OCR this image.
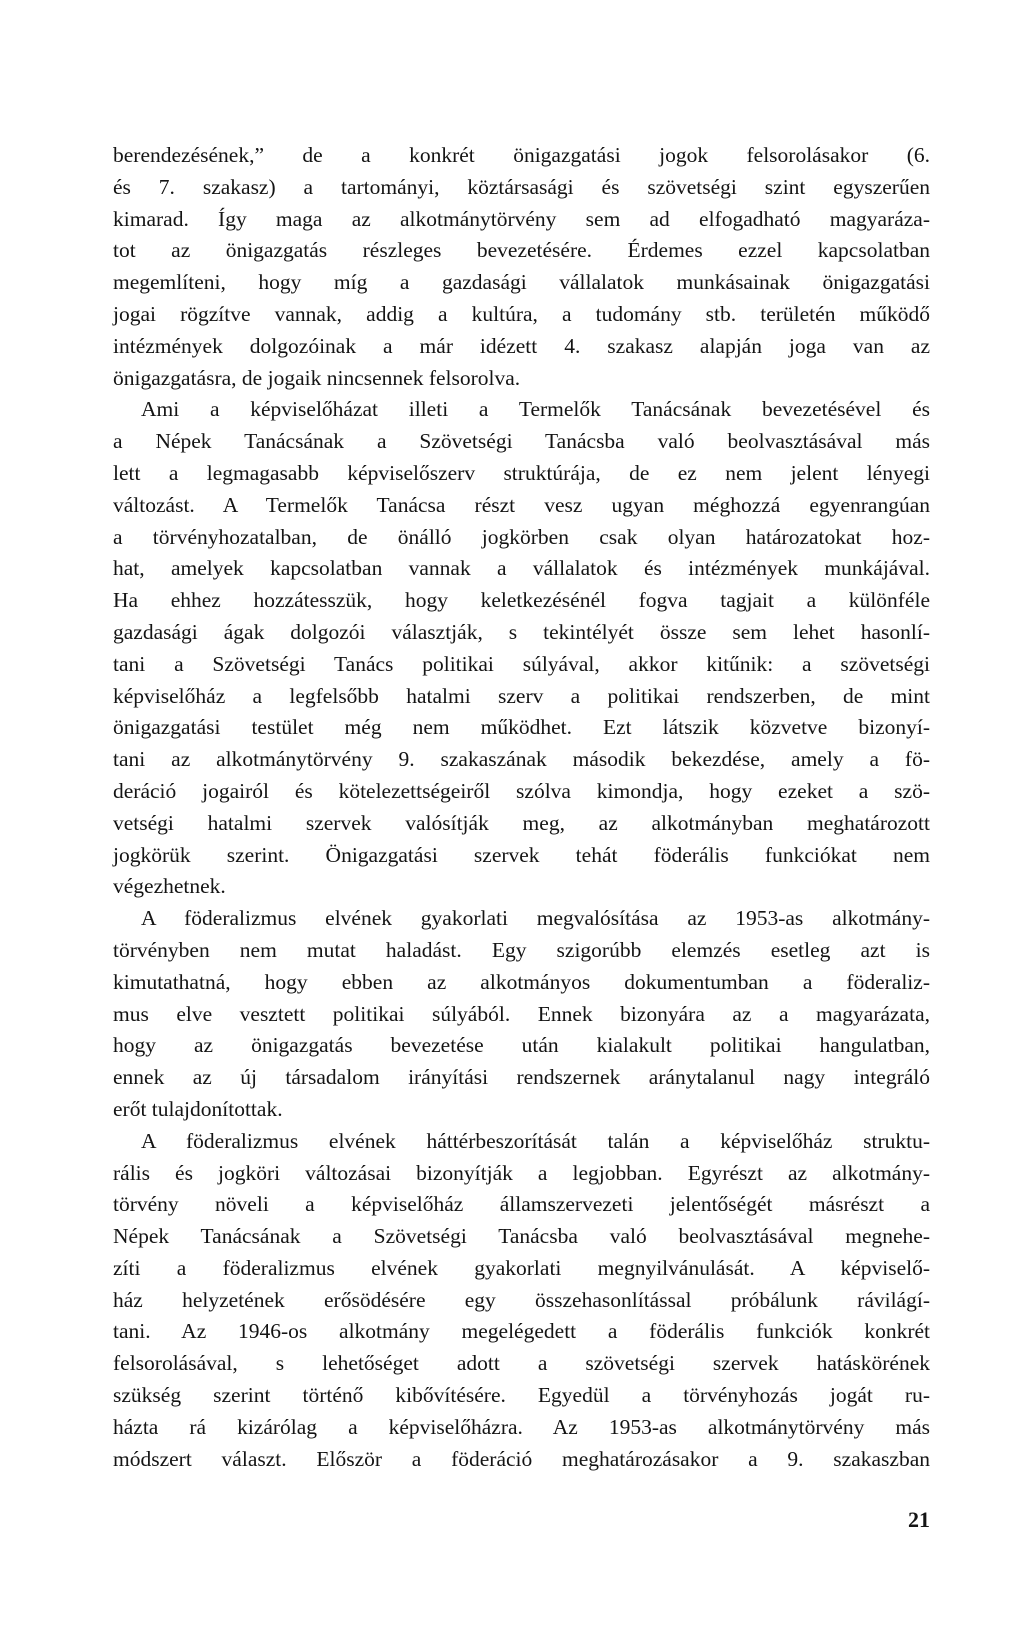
berendezésének,” de a konkrét önigazgatási jogok felsorolásakor (6.
és 7. szakasz) a tartományi, köztársasági és szövetségi szint egyszerűen
kimarad. Így maga az alkotmánytörvény sem ad elfogadható magyaráza-
tot az önigazgatás részleges bevezetésére. Érdemes ezzel kapcsolatban
megemlíteni, hogy míg a gazdasági vállalatok munkásainak önigazgatási
jogai rögzítve vannak, addig a kultúra, a tudomány stb. területén működő
intézmények dolgozóinak a már idézett 4. szakasz alapján joga van az
önigazgatásra, de jogaik nincsennek felsorolva.
Ami a képviselőházat illeti a Termelők Tanácsának bevezetésével és
a Népek Tanácsának a Szövetségi Tanácsba való beolvasztásával más
lett a legmagasabb képviselőszerv struktúrája, de ez nem jelent lényegi
változást. A Termelők Tanácsa részt vesz ugyan méghozzá egyenrangúan
a törvényhozatalban, de önálló jogkörben csak olyan határozatokat hoz-
hat, amelyek kapcsolatban vannak a vállalatok és intézmények munkájával.
Ha ehhez hozzátesszük, hogy keletkezésénél fogva tagjait a különféle
gazdasági ágak dolgozói választják, s tekintélyét össze sem lehet hasonlí-
tani a Szövetségi Tanács politikai súlyával, akkor kitűnik: a szövetségi
képviselőház a legfelsőbb hatalmi szerv a politikai rendszerben, de mint
önigazgatási testület még nem működhet. Ezt látszik közvetve bizonyí-
tani az alkotmánytörvény 9. szakaszának második bekezdése, amely a fö-
deráció jogairól és kötelezettségeiről szólva kimondja, hogy ezeket a szö-
vetségi hatalmi szervek valósítják meg, az alkotmányban meghatározott
jogkörük szerint. Önigazgatási szervek tehát föderális funkciókat nem
végezhetnek.
A föderalizmus elvének gyakorlati megvalósítása az 1953-as alkotmány-
törvényben nem mutat haladást. Egy szigorúbb elemzés esetleg azt is
kimutathatná, hogy ebben az alkotmányos dokumentumban a föderaliz-
mus elve vesztett politikai súlyából. Ennek bizonyára az a magyarázata,
hogy az önigazgatás bevezetése után kialakult politikai hangulatban,
ennek az új társadalom irányítási rendszernek aránytalanul nagy integráló
erőt tulajdonítottak.
A föderalizmus elvének háttérbeszorítását talán a képviselőház struktu-
rális és jogköri változásai bizonyítják a legjobban. Egyrészt az alkotmány-
törvény növeli a képviselőház államszervezeti jelentőségét másrészt a
Népek Tanácsának a Szövetségi Tanácsba való beolvasztásával megnehe-
zíti a föderalizmus elvének gyakorlati megnyilvánulását. A képviselő-
ház helyzetének erősödésére egy összehasonlítással próbálunk rávilágí-
tani. Az 1946-os alkotmány megelégedett a föderális funkciók konkrét
felsorolásával, s lehetőséget adott a szövetségi szervek hatáskörének
szükség szerint történő kibővítésére. Egyedül a törvényhozás jogát ru-
házta rá kizárólag a képviselőházra. Az 1953-as alkotmánytörvény más
módszert választ. Először a föderáció meghatározásakor a 9. szakaszban
21
